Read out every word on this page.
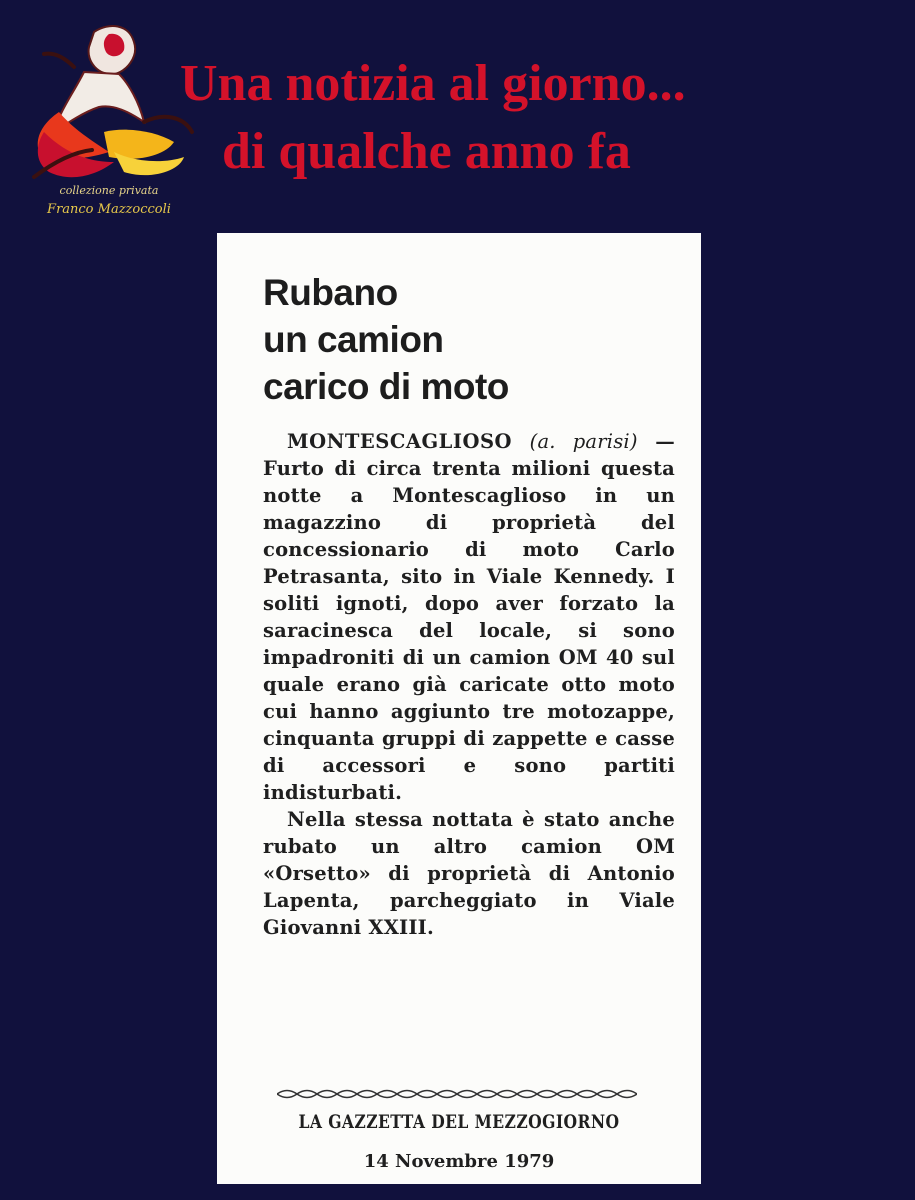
collezione privata
Franco Mazzoccoli
Una notizia al giorno...
di qualche anno fa
Rubano
un camion
carico di moto

MONTESCAGLIOSO (a. parisi) — Furto di circa trenta milioni questa notte a Montescaglioso in un magazzino di proprietà del concessionario di moto Carlo Petrasanta, sito in Viale Kennedy. I soliti ignoti, dopo aver forzato la saracinesca del locale, si sono impadroniti di un camion OM 40 sul quale erano già caricate otto moto cui hanno aggiunto tre motozappe, cinquanta gruppi di zappette e casse di accessori e sono partiti indisturbati.

Nella stessa nottata è stato anche rubato un altro camion OM «Orsetto» di proprietà di Antonio Lapenta, parcheggiato in Viale Giovanni XXIII.

LA GAZZETTA DEL MEZZOGIORNO
14 Novembre 1979
